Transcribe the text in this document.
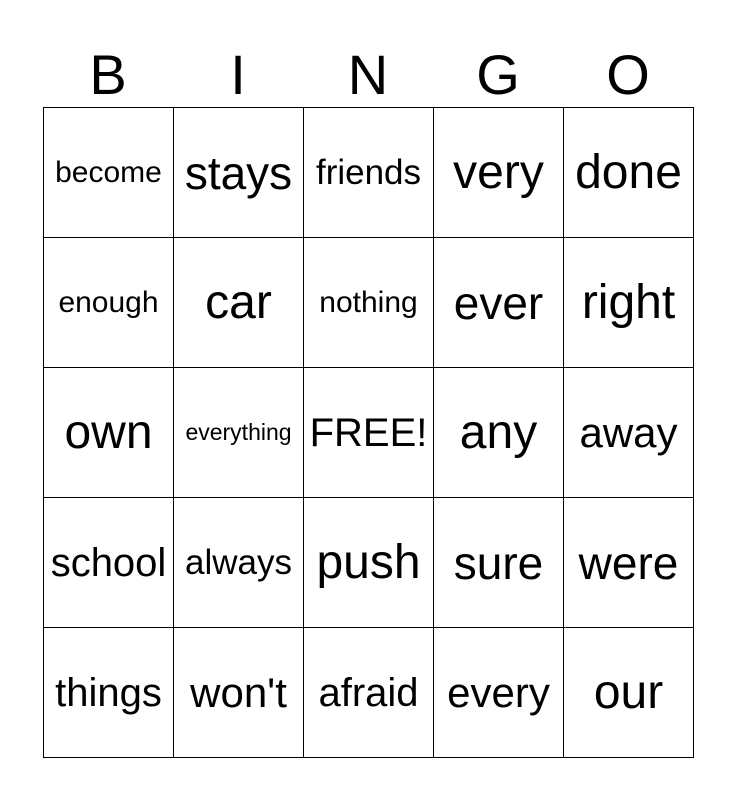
B	I	N	G	O
become stays friends very done
enough car	nothing ever right
own	everything FREE! any	away
school always push sure were
things won't afraid every our
